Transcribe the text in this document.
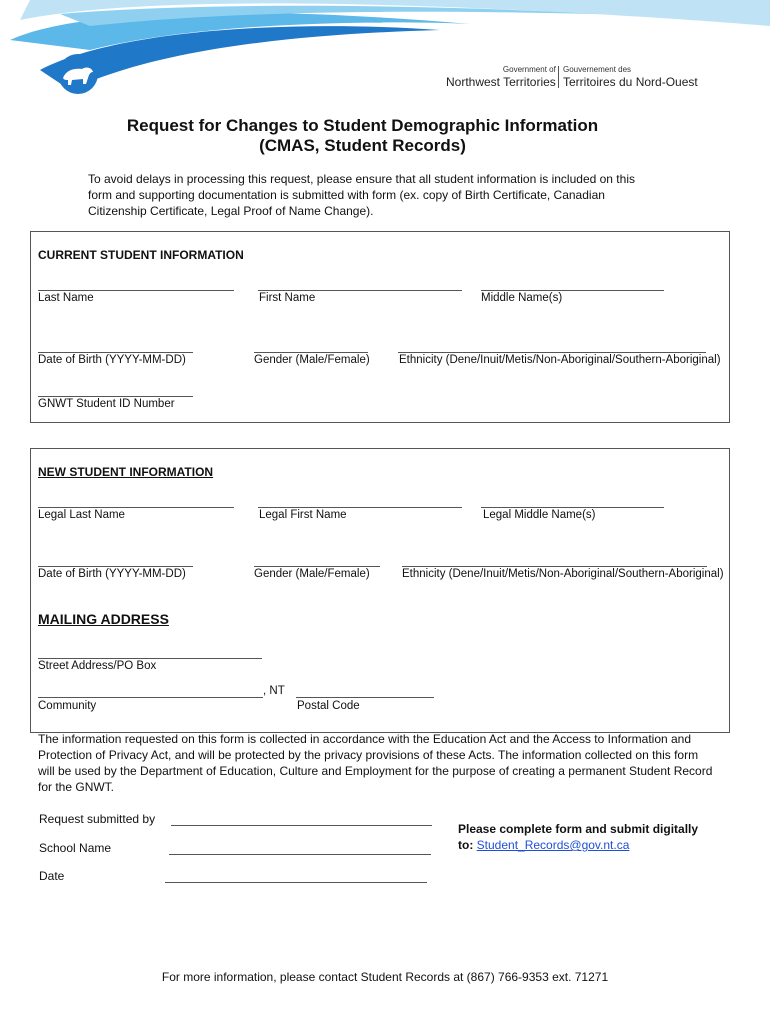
Government of
Northwest Territories
Gouvernement des
Territoires du Nord-Ouest
Request for Changes to Student Demographic Information
(CMAS, Student Records)
To avoid delays in processing this request, please ensure that all student information is included on this form and supporting documentation is submitted with form (ex. copy of Birth Certificate, Canadian Citizenship Certificate, Legal Proof of Name Change).
CURRENT STUDENT INFORMATION
Last Name	First Name	Middle Name(s)
Date of Birth (YYYY-MM-DD)	Gender (Male/Female)	Ethnicity (Dene/Inuit/Metis/Non-Aboriginal/Southern-Aboriginal)
GNWT Student ID Number
NEW STUDENT INFORMATION
Legal Last Name	Legal First Name	Legal Middle Name(s)
Date of Birth (YYYY-MM-DD)	Gender (Male/Female)	Ethnicity (Dene/Inuit/Metis/Non-Aboriginal/Southern-Aboriginal)
MAILING ADDRESS
Street Address/PO Box
, NT
Community	Postal Code
The information requested on this form is collected in accordance with the Education Act and the Access to Information and Protection of Privacy Act, and will be protected by the privacy provisions of these Acts. The information collected on this form will be used by the Department of Education, Culture and Employment for the purpose of creating a permanent Student Record for the GNWT.
Request submitted by
School Name
Date
Please complete form and submit digitally
to: Student_Records@gov.nt.ca
For more information, please contact Student Records at (867) 766-9353 ext. 71271
